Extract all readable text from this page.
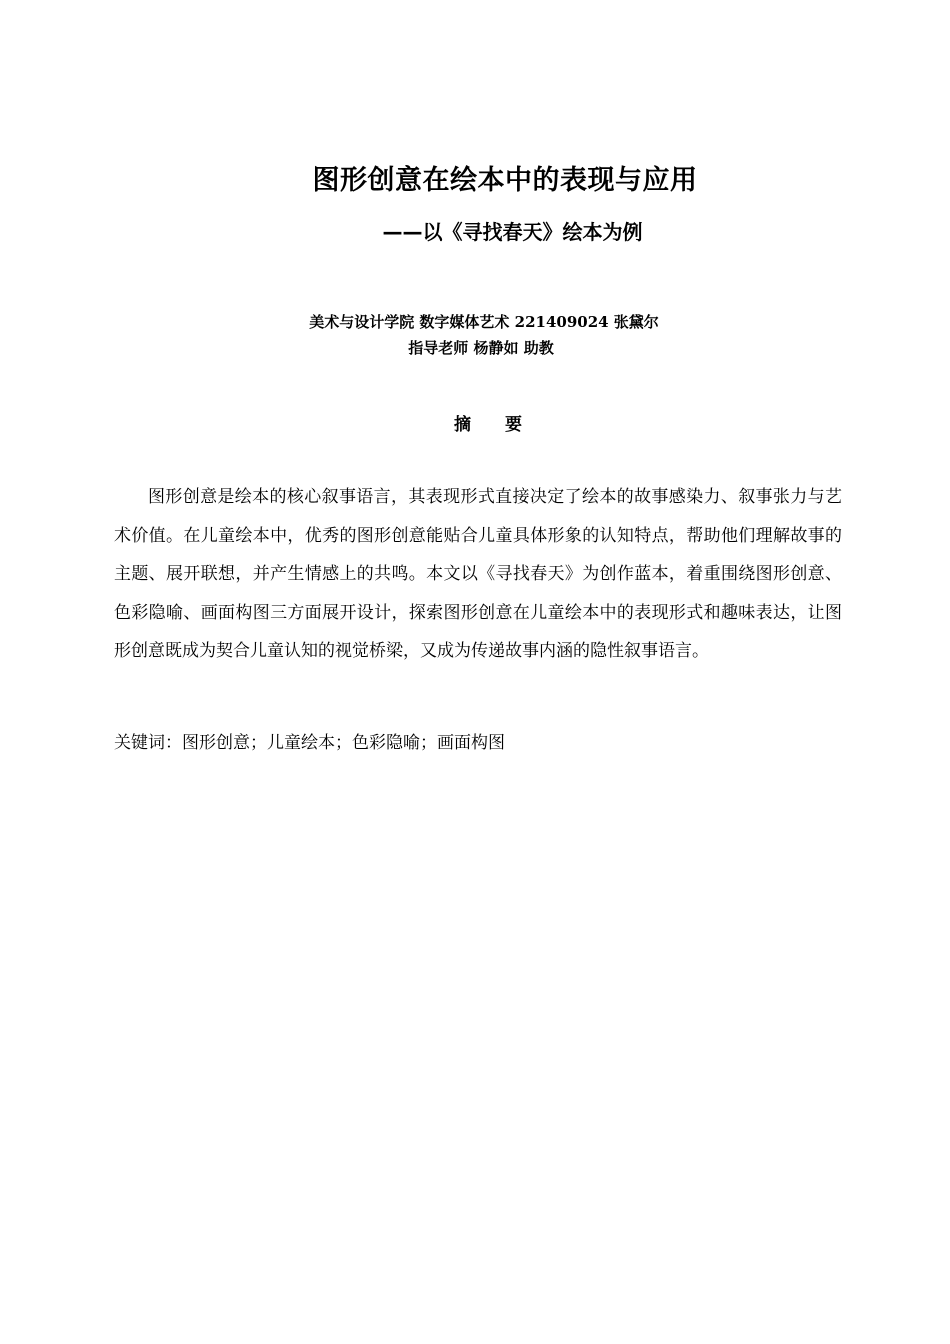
图形创意在绘本中的表现与应用
——以《寻找春天》绘本为例
美术与设计学院 数字媒体艺术 221409024 张黛尔
指导老师 杨静如 助教
摘 要

图形创意是绘本的核心叙事语言，其表现形式直接决定了绘本的故事感染力、叙事张力与艺术价值。在儿童绘本中，优秀的图形创意能贴合儿童具体形象的认知特点，帮助他们理解故事的主题、展开联想，并产生情感上的共鸣。本文以《寻找春天》为创作蓝本，着重围绕图形创意、色彩隐喻、画面构图三方面展开设计，探索图形创意在儿童绘本中的表现形式和趣味表达，让图形创意既成为契合儿童认知的视觉桥梁，又成为传递故事内涵的隐性叙事语言。

关键词：图形创意；儿童绘本；色彩隐喻；画面构图
